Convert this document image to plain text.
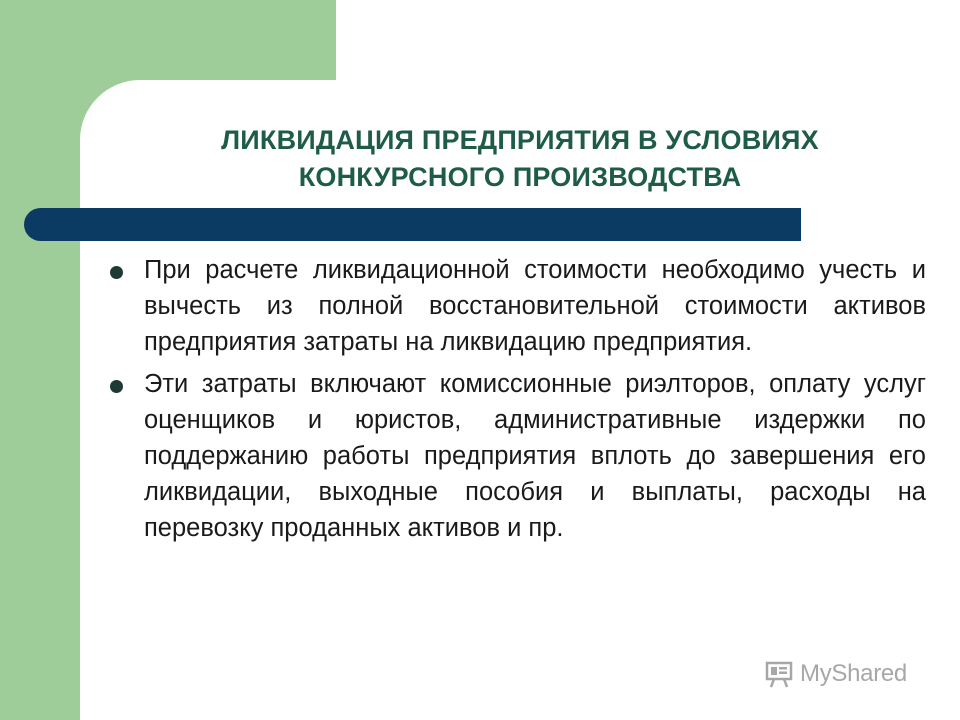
ЛИКВИДАЦИЯ ПРЕДПРИЯТИЯ В УСЛОВИЯХ
КОНКУРСНОГО ПРОИЗВОДСТВА
При расчете ликвидационной стоимости необходимо учесть и вычесть из полной восстановительной стоимости активов предприятия затраты на ликвидацию предприятия.
Эти затраты включают комиссионные риэлторов, оплату услуг оценщиков и юристов, административные издержки по поддержанию работы предприятия вплоть до завершения его ликвидации, выходные пособия и выплаты, расходы на перевозку проданных активов и пр.
MyShared
